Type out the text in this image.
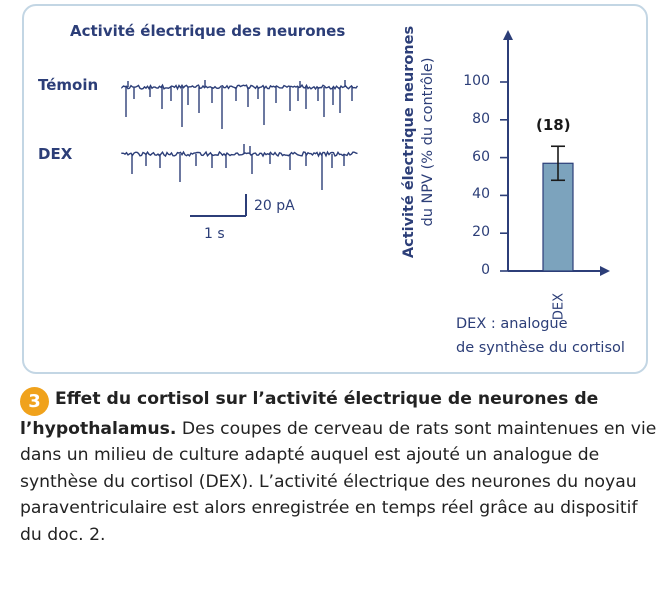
Activité électrique des neurones
Témoin
DEX
20 pA
1 s	Activité électrique neurones du NPV (% du contrôle)
0
20
40
60
80
100
(18)
DEX
DEX : analogue
de synthèse du cortisol

3 Effet du cortisol sur l’activité électrique de neurones de l’hypothalamus. Des coupes de cerveau de rats sont maintenues en vie dans un milieu de culture adapté auquel est ajouté un analogue de synthèse du cortisol (DEX). L’activité électrique des neurones du noyau paraventriculaire est alors enregistrée en temps réel grâce au dispositif du doc. 2.
